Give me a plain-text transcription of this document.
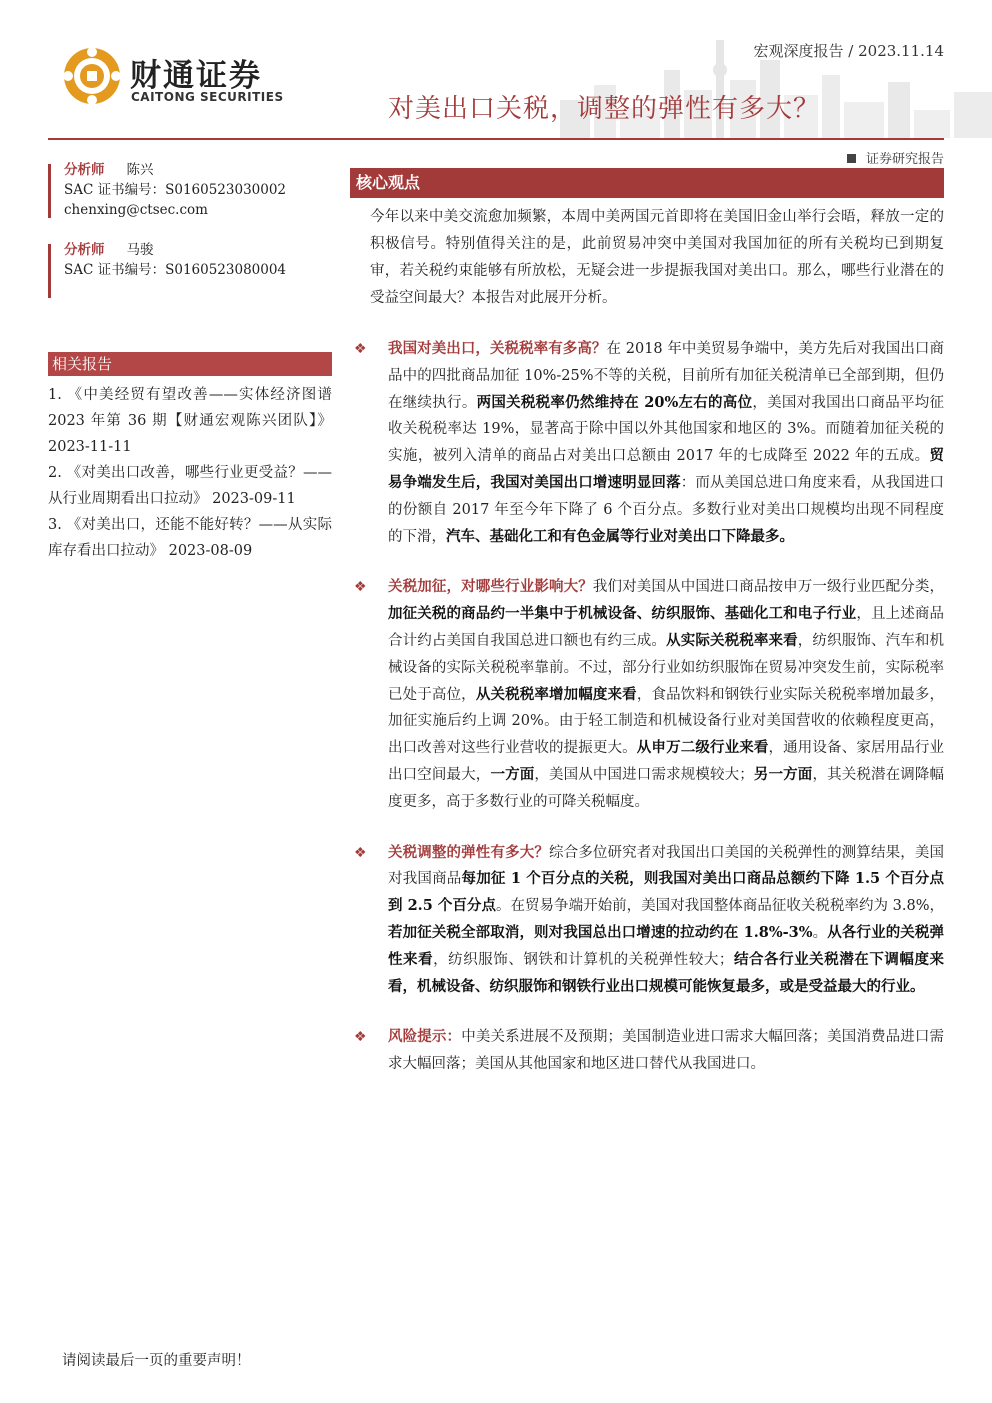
财通证券
CAITONG SECURITIES
宏观深度报告 / 2023.11.14
对美出口关税，调整的弹性有多大？
证券研究报告
分析师 陈兴
SAC 证书编号：S0160523030002
chenxing@ctsec.com
分析师 马骏
SAC 证书编号：S0160523080004
相关报告
1. 《中美经贸有望改善——实体经济图谱 2023 年第 36 期【财通宏观陈兴团队】》 2023-11-11
2. 《对美出口改善，哪些行业更受益？——从行业周期看出口拉动》 2023-09-11
3. 《对美出口，还能不能好转？——从实际库存看出口拉动》 2023-08-09
核心观点

今年以来中美交流愈加频繁，本周中美两国元首即将在美国旧金山举行会晤，释放一定的积极信号。特别值得关注的是，此前贸易冲突中美国对我国加征的所有关税均已到期复审，若关税约束能够有所放松，无疑会进一步提振我国对美出口。那么，哪些行业潜在的受益空间最大？本报告对此展开分析。

❖ 我国对美出口，关税税率有多高？在 2018 年中美贸易争端中，美方先后对我国出口商品中的四批商品加征 10%-25%不等的关税，目前所有加征关税清单已全部到期，但仍在继续执行。两国关税税率仍然维持在 20%左右的高位，美国对我国出口商品平均征收关税税率达 19%，显著高于除中国以外其他国家和地区的 3%。而随着加征关税的实施，被列入清单的商品占对美出口总额由 2017 年的七成降至 2022 年的五成。贸易争端发生后，我国对美国出口增速明显回落：而从美国总进口角度来看，从我国进口的份额自 2017 年至今年下降了 6 个百分点。多数行业对美出口规模均出现不同程度的下滑，汽车、基础化工和有色金属等行业对美出口下降最多。
❖ 关税加征，对哪些行业影响大？我们对美国从中国进口商品按申万一级行业匹配分类，加征关税的商品约一半集中于机械设备、纺织服饰、基础化工和电子行业，且上述商品合计约占美国自我国总进口额也有约三成。从实际关税税率来看，纺织服饰、汽车和机械设备的实际关税税率靠前。不过，部分行业如纺织服饰在贸易冲突发生前，实际税率已处于高位，从关税税率增加幅度来看，食品饮料和钢铁行业实际关税税率增加最多，加征实施后约上调 20%。由于轻工制造和机械设备行业对美国营收的依赖程度更高，出口改善对这些行业营收的提振更大。从申万二级行业来看，通用设备、家居用品行业出口空间最大，一方面，美国从中国进口需求规模较大；另一方面，其关税潜在调降幅度更多，高于多数行业的可降关税幅度。
❖ 关税调整的弹性有多大？综合多位研究者对我国出口美国的关税弹性的测算结果，美国对我国商品每加征 1 个百分点的关税，则我国对美出口商品总额约下降 1.5 个百分点到 2.5 个百分点。在贸易争端开始前，美国对我国整体商品征收关税税率约为 3.8%，若加征关税全部取消，则对我国总出口增速的拉动约在 1.8%-3%。从各行业的关税弹性来看，纺织服饰、钢铁和计算机的关税弹性较大；结合各行业关税潜在下调幅度来看，机械设备、纺织服饰和钢铁行业出口规模可能恢复最多，或是受益最大的行业。
❖ 风险提示：中美关系进展不及预期；美国制造业进口需求大幅回落；美国消费品进口需求大幅回落；美国从其他国家和地区进口替代从我国进口。
请阅读最后一页的重要声明！
